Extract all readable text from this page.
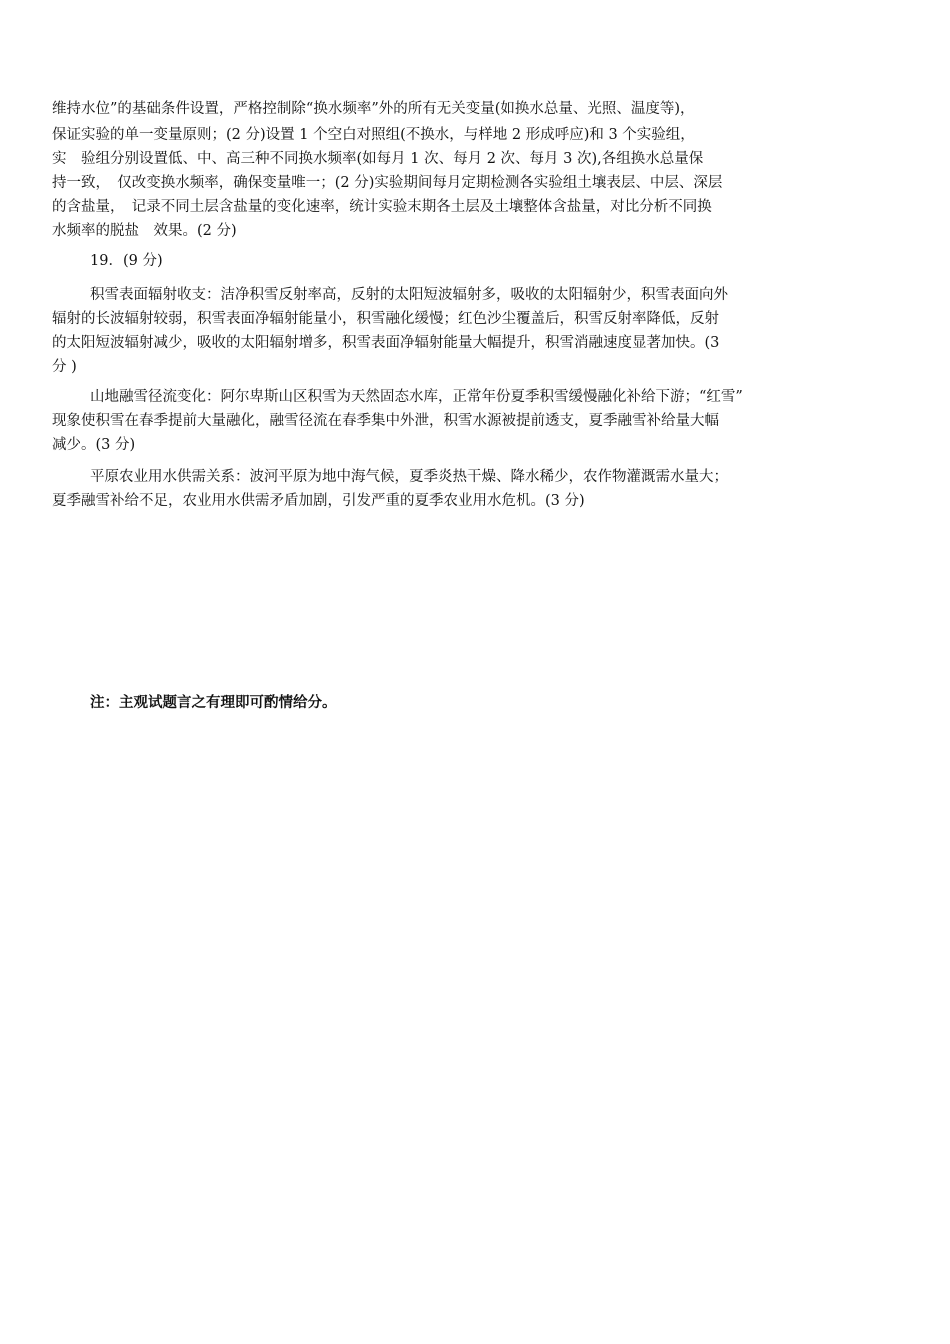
维持水位”的基础条件设置，严格控制除“换水频率”外的所有无关变量(如换水总量、光照、温度等)，
保证实验的单一变量原则；(2 分)设置 1 个空白对照组(不换水，与样地 2 形成呼应)和 3 个实验组，
实　验组分别设置低、中、高三种不同换水频率(如每月 1 次、每月 2 次、每月 3 次),各组换水总量保
持一致，　仅改变换水频率，确保变量唯一；(2 分)实验期间每月定期检测各实验组土壤表层、中层、深层
的含盐量，　记录不同土层含盐量的变化速率，统计实验末期各土层及土壤整体含盐量，对比分析不同换
水频率的脱盐　效果。(2 分)
19．(9 分)
积雪表面辐射收支：洁净积雪反射率高，反射的太阳短波辐射多，吸收的太阳辐射少，积雪表面向外
辐射的长波辐射较弱，积雪表面净辐射能量小，积雪融化缓慢；红色沙尘覆盖后，积雪反射率降低，反射
的太阳短波辐射减少，吸收的太阳辐射增多，积雪表面净辐射能量大幅提升，积雪消融速度显著加快。(3
分 )
山地融雪径流变化：阿尔卑斯山区积雪为天然固态水库，正常年份夏季积雪缓慢融化补给下游；“红雪”
现象使积雪在春季提前大量融化，融雪径流在春季集中外泄，积雪水源被提前透支，夏季融雪补给量大幅
减少。(3 分)
平原农业用水供需关系：波河平原为地中海气候，夏季炎热干燥、降水稀少，农作物灌溉需水量大；
夏季融雪补给不足，农业用水供需矛盾加剧，引发严重的夏季农业用水危机。(3 分)
注：主观试题言之有理即可酌情给分。
